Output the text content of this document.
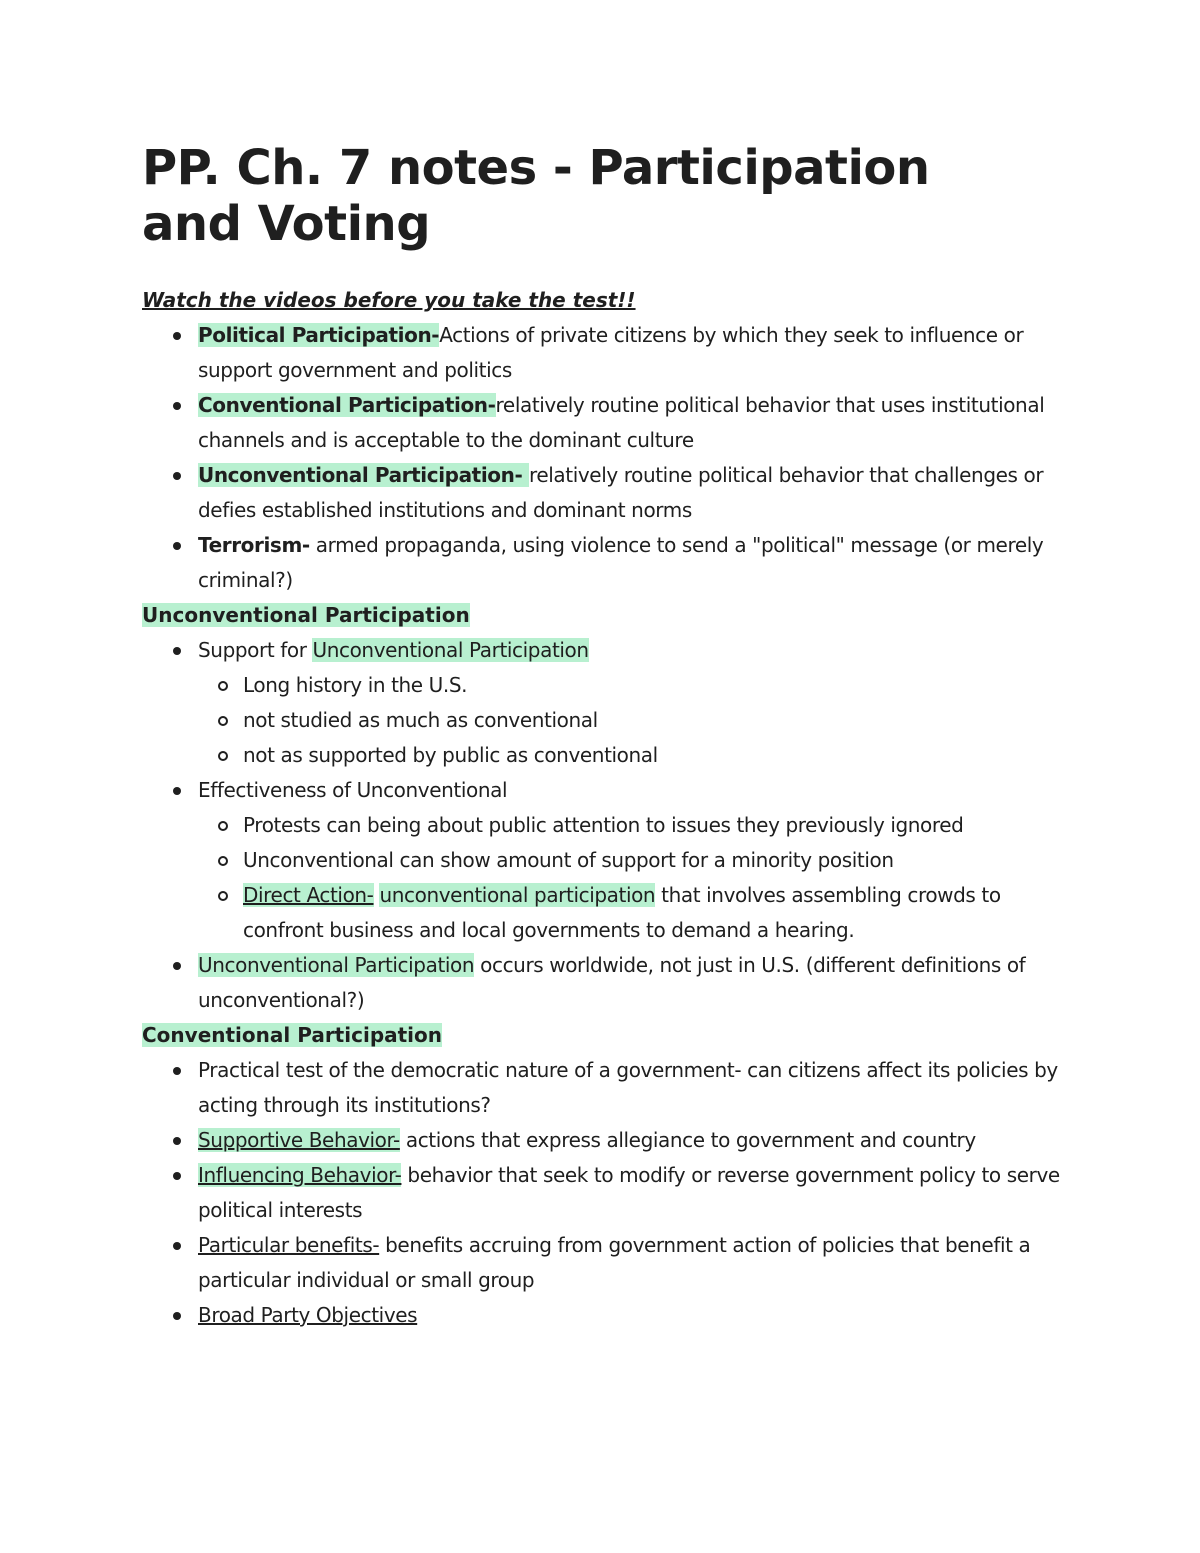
PP. Ch. 7 notes - Participation and Voting
Watch the videos before you take the test!!
Political Participation-Actions of private citizens by which they seek to influence or support government and politics
Conventional Participation-relatively routine political behavior that uses institutional channels and is acceptable to the dominant culture
Unconventional Participation- relatively routine political behavior that challenges or defies established institutions and dominant norms
Terrorism- armed propaganda, using violence to send a "political" message (or merely criminal?)
Unconventional Participation
Support for Unconventional Participation
Long history in the U.S.
not studied as much as conventional
not as supported by public as conventional
Effectiveness of Unconventional
Protests can being about public attention to issues they previously ignored
Unconventional can show amount of support for a minority position
Direct Action- unconventional participation that involves assembling crowds to confront business and local governments to demand a hearing.
Unconventional Participation occurs worldwide, not just in U.S. (different definitions of unconventional?)
Conventional Participation
Practical test of the democratic nature of a government- can citizens affect its policies by acting through its institutions?
Supportive Behavior- actions that express allegiance to government and country
Influencing Behavior- behavior that seek to modify or reverse government policy to serve political interests
Particular benefits- benefits accruing from government action of policies that benefit a particular individual or small group
Broad Party Objectives
